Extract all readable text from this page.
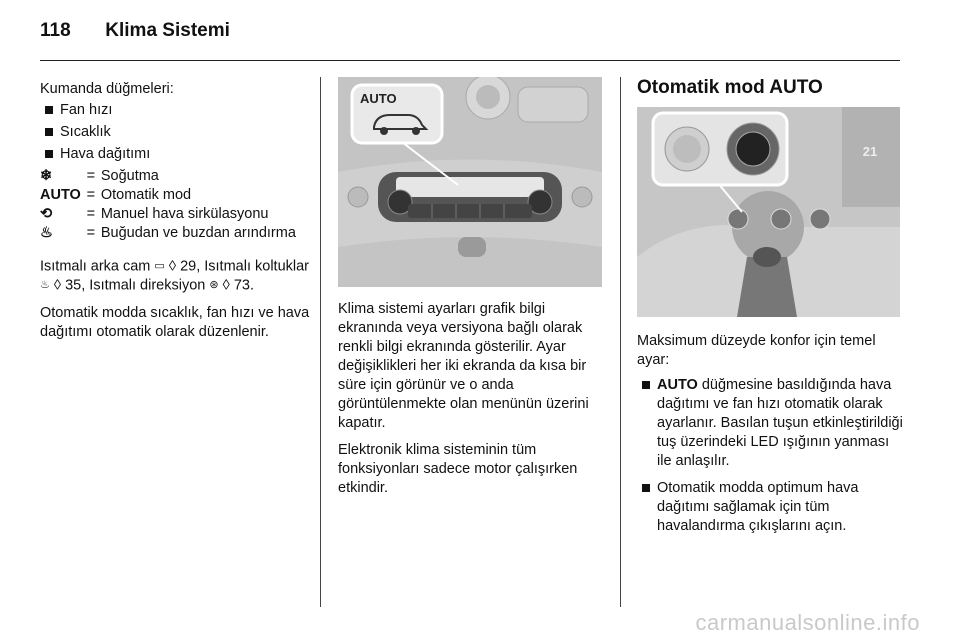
118 Klima Sistemi
Kumanda düğmeleri:
Fan hızı
Sıcaklık
Hava dağıtımı
❄	=	Soğutma
AUTO	=	Otomatik mod
⟲	=	Manuel hava sirkülasyonu
♨	=	Buğudan ve buzdan arındırma

Isıtmalı arka cam ▭ ◊ 29, Isıtmalı koltuklar ♨ ◊ 35, Isıtmalı direksiyon ⊛ ◊ 73.

Otomatik modda sıcaklık, fan hızı ve hava dağıtımı otomatik olarak düzenlenir.

AUTO

Klima sistemi ayarları grafik bilgi ekranında veya versiyona bağlı olarak renkli bilgi ekranında gösterilir. Ayar değişiklikleri her iki ekranda da kısa bir süre için görünür ve o anda görüntülenmekte olan menünün üzerini kapatır.

Elektronik klima sisteminin tüm fonksiyonları sadece motor çalışırken etkindir.

Otomatik mod AUTO
21

Maksimum düzeyde konfor için temel ayar:

AUTO düğmesine basıldığında hava dağıtımı ve fan hızı otomatik olarak ayarlanır. Basılan tuşun etkinleştirildiği tuş üzerindeki LED ışığının yanması ile anlaşılır.
Otomatik modda optimum hava dağıtımı sağlamak için tüm havalandırma çıkışlarını açın.
carmanualsonline.info
